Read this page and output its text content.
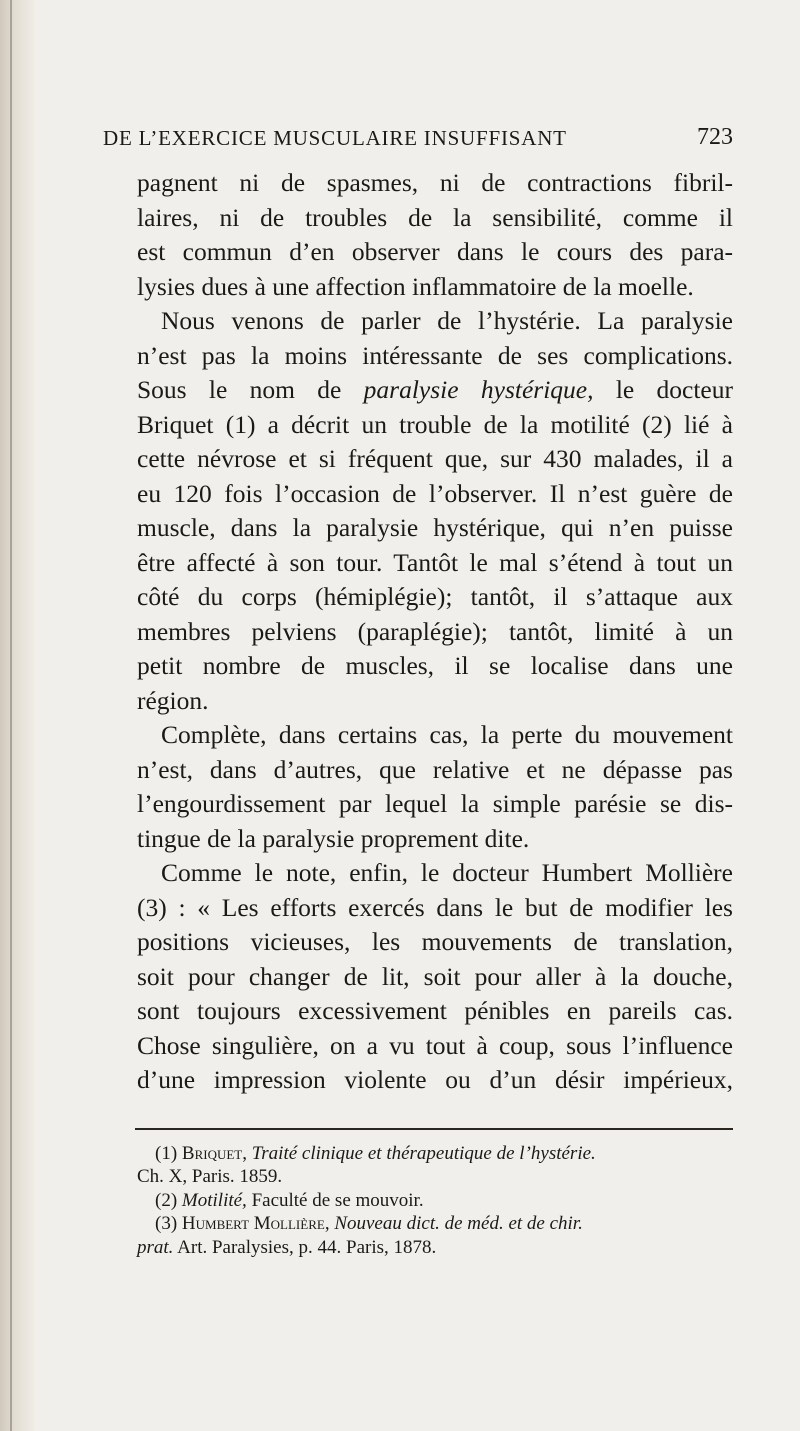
DE L’EXERCICE MUSCULAIRE INSUFFISANT	723
pagnent ni de spasmes, ni de contractions fibril-
laires, ni de troubles de la sensibilité, comme il
est commun d’en observer dans le cours des para-
lysies dues à une affection inflammatoire de la moelle.
Nous venons de parler de l’hystérie. La paralysie
n’est pas la moins intéressante de ses complications.
Sous le nom de paralysie hystérique, le docteur
Briquet (1) a décrit un trouble de la motilité (2) lié à
cette névrose et si fréquent que, sur 430 malades, il a
eu 120 fois l’occasion de l’observer. Il n’est guère de
muscle, dans la paralysie hystérique, qui n’en puisse
être affecté à son tour. Tantôt le mal s’étend à tout un
côté du corps (hémiplégie); tantôt, il s’attaque aux
membres pelviens (paraplégie); tantôt, limité à un
petit nombre de muscles, il se localise dans une
région.
Complète, dans certains cas, la perte du mouvement
n’est, dans d’autres, que relative et ne dépasse pas
l’engourdissement par lequel la simple parésie se dis-
tingue de la paralysie proprement dite.
Comme le note, enfin, le docteur Humbert Mollière
(3) : « Les efforts exercés dans le but de modifier les
positions vicieuses, les mouvements de translation,
soit pour changer de lit, soit pour aller à la douche,
sont toujours excessivement pénibles en pareils cas.
Chose singulière, on a vu tout à coup, sous l’influence
d’une impression violente ou d’un désir impérieux,
(1) Briquet, Traité clinique et thérapeutique de l’hystérie.
Ch. X, Paris. 1859.
(2) Motilité, Faculté de se mouvoir.
(3) Humbert Mollière, Nouveau dict. de méd. et de chir.
prat. Art. Paralysies, p. 44. Paris, 1878.
